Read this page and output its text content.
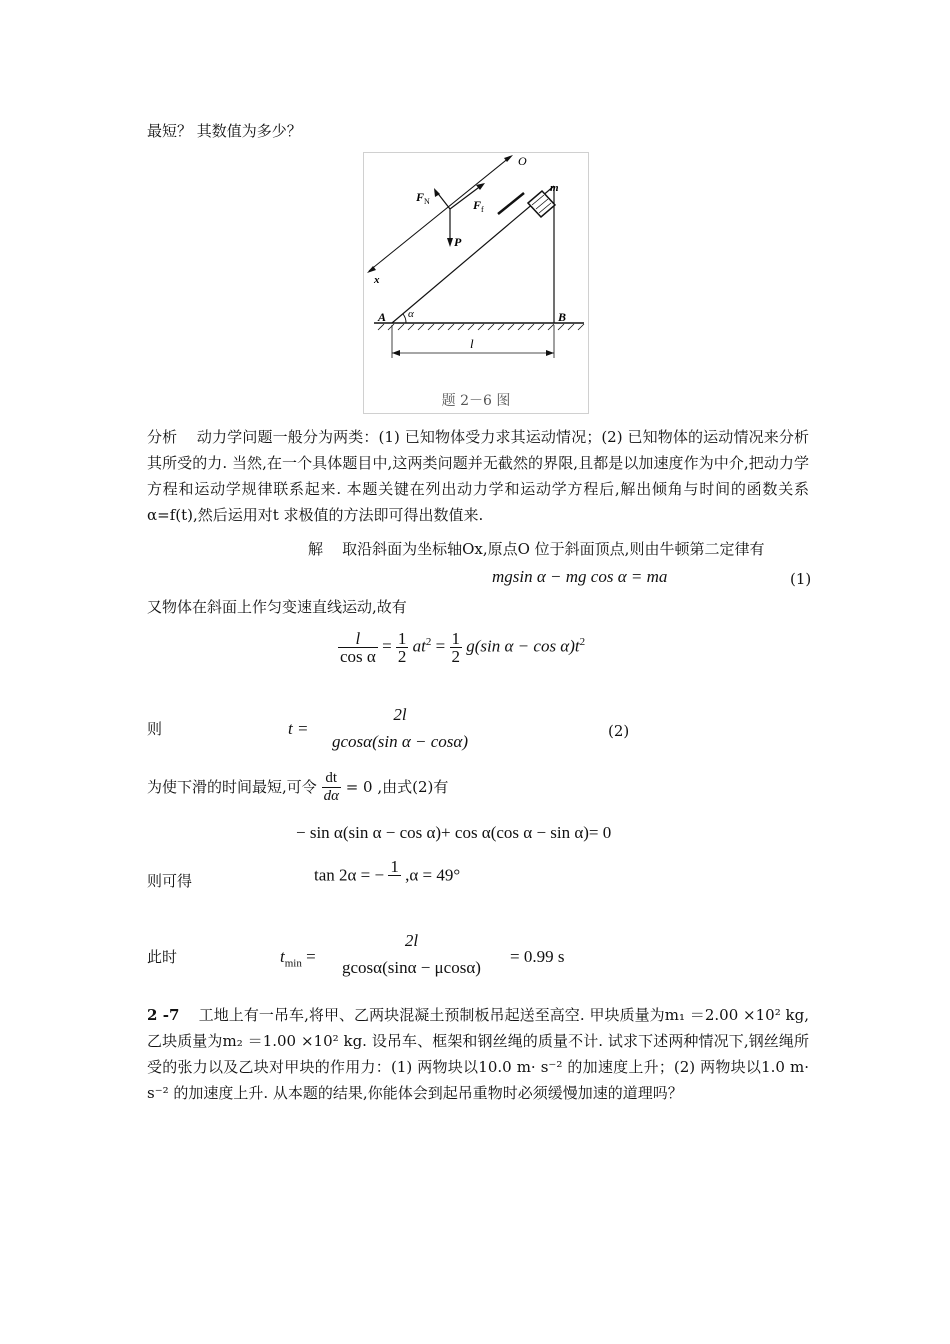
最短？ 其数值为多少？
O
m
F N	F f
P
x
A α	B
l
题 2－6 图

分析 动力学问题一般分为两类：(1) 已知物体受力求其运动情况；(2) 已知物体的运动情况来分析其所受的力. 当然,在一个具体题目中,这两类问题并无截然的界限,且都是以加速度作为中介,把动力学方程和运动学规律联系起来. 本题关键在列出动力学和运动学方程后,解出倾角与时间的函数关系α=f(t),然后运用对t 求极值的方法即可得出数值来.

解 取沿斜面为坐标轴Ox,原点O 位于斜面顶点,则由牛顿第二定律有
mgsin α − mg cos α = ma	(1)
又物体在斜面上作匀变速直线运动,故有
$\frac{l}{\text{cos α}} = \frac{1}{2} at^2 = \frac{1}{2} g(\sin$ $\alpha - \cos \alpha)t^2$
则	t =
2l
gcosα(sin α − cosα)
(2)
为使下滑的时间最短,可令 $\frac{dt}{d\alpha} = 0$ ,由式(2)有
− sin α(sin α − cos α)+ cos α(cos α − sin α)= 0
则可得	tan 2α = − 1 ,α = 49°
此时	$t_{min}$ =
2l
gcosα(sinα − μcosα)
= 0.99 s

2 -7 工地上有一吊车,将甲、乙两块混凝土预制板吊起送至高空. 甲块质量为m₁ ＝2.00 ×10² kg,乙块质量为m₂ ＝1.00 ×10² kg. 设吊车、框架和钢丝绳的质量不计. 试求下述两种情况下,钢丝绳所受的张力以及乙块对甲块的作用力：(1) 两物块以10.0 m· s⁻² 的加速度上升；(2) 两物块以1.0 m· s⁻² 的加速度上升. 从本题的结果,你能体会到起吊重物时必须缓慢加速的道理吗？
